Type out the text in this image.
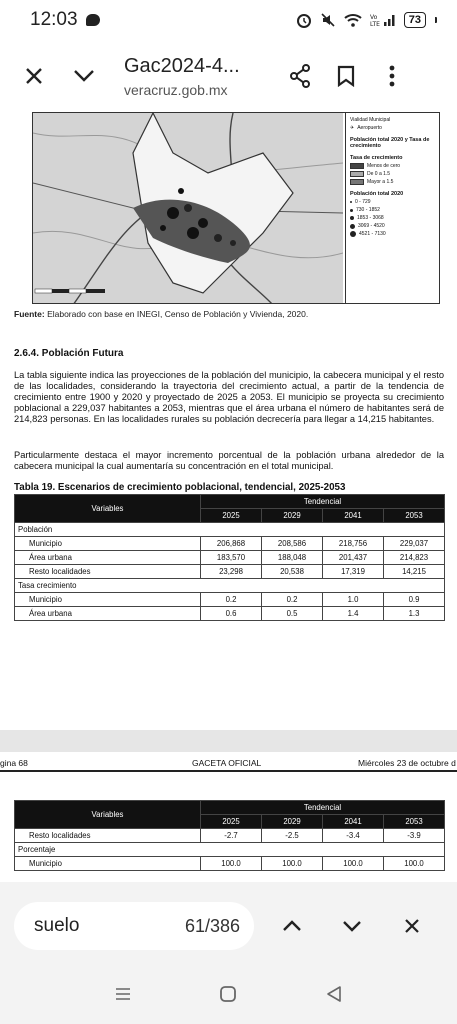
12:03	Vo
LTE	73
Gac2024-4...
veracruz.gob.mx
Vialidad Municipal
✈ Aeropuerto
Población total 2020 y Tasa de crecimiento
Tasa de crecimiento
Menos de cero
De 0 a 1.5
Mayor a 1.5
Población total 2020
0 - 729
730 - 1852
1853 - 3068
3069 - 4520
4521 - 7130
Fuente: Elaborado con base en INEGI, Censo de Población y Vivienda, 2020.
2.6.4. Población Futura

La tabla siguiente indica las proyecciones de la población del municipio, la cabecera municipal y el resto de las localidades, considerando la trayectoria del crecimiento actual, a partir de la tendencia de crecimiento entre 1900 y 2020 y proyectado de 2025 a 2053. El municipio se proyecta su crecimiento poblacional a 229,037 habitantes a 2053, mientras que el área urbana el número de habitantes será de 214,823 personas. En las localidades rurales su población decrecería para llegar a 14,215 habitantes.

Particularmente destaca el mayor incremento porcentual de la población urbana alrededor de la cabecera municipal la cual aumentaría su concentración en el total municipal.

Tabla 19. Escenarios de crecimiento poblacional, tendencial, 2025-2053
Variables	Tendencial			
	2025	2029	2041	2053
Población				
Municipio	206,868	208,586	218,756	229,037
Área urbana	183,570	188,048	201,437	214,823
Resto localidades	23,298	20,538	17,319	14,215
Tasa crecimiento				
Municipio	0.2	0.2	1.0	0.9
Área urbana	0.6	0.5	1.4	1.3
gina 68	GACETA OFICIAL	Miércoles 23 de octubre d
Variables	Tendencial			
	2025	2029	2041	2053
Resto localidades	-2.7	-2.5	-3.4	-3.9
Porcentaje				
Municipio	100.0	100.0	100.0	100.0
suelo	61/386
